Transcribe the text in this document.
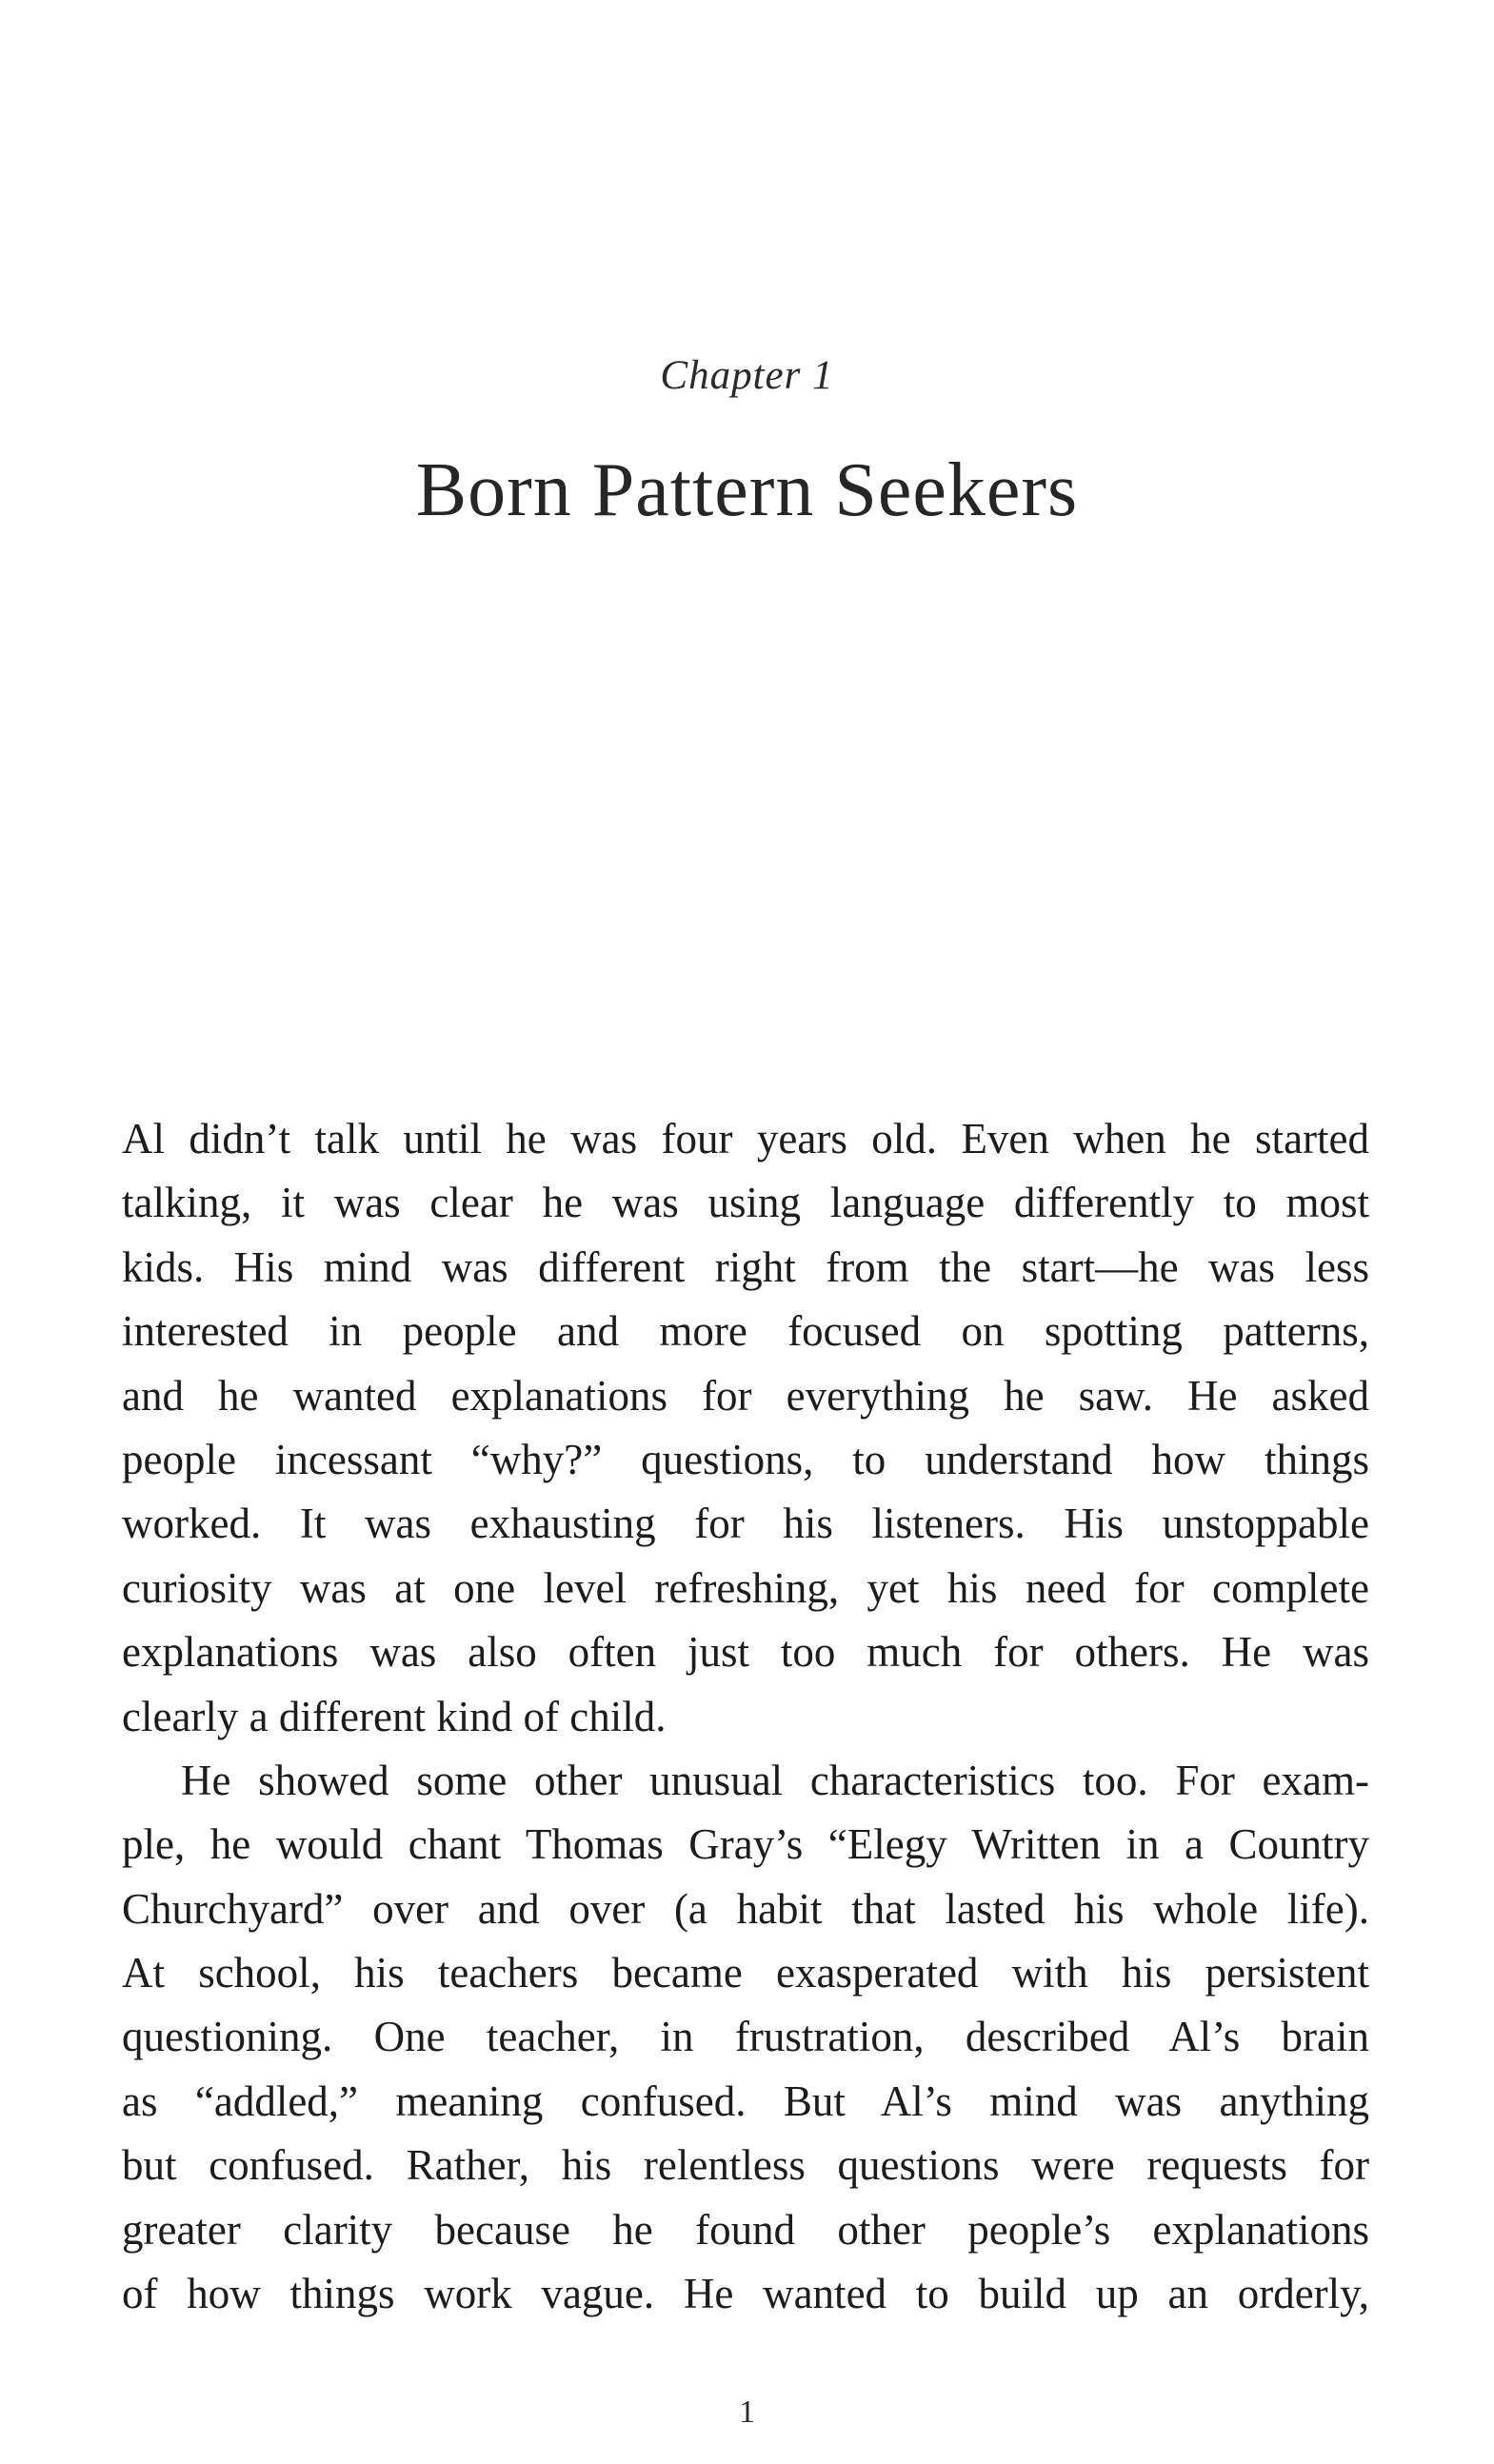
Chapter 1
Born Pattern Seekers
Al didn’t talk until he was four years old. Even when he started
talking, it was clear he was using language differently to most
kids. His mind was different right from the start—he was less
interested in people and more focused on spotting patterns,
and he wanted explanations for everything he saw. He asked
people incessant “why?” questions, to understand how things
worked. It was exhausting for his listeners. His unstoppable
curiosity was at one level refreshing, yet his need for complete
explanations was also often just too much for others. He was
clearly a different kind of child.
He showed some other unusual characteristics too. For exam-
ple, he would chant Thomas Gray’s “Elegy Written in a Country
Churchyard” over and over (a habit that lasted his whole life).
At school, his teachers became exasperated with his persistent
questioning. One teacher, in frustration, described Al’s brain
as “addled,” meaning confused. But Al’s mind was anything
but confused. Rather, his relentless questions were requests for
greater clarity because he found other people’s explanations
of how things work vague. He wanted to build up an orderly,
1
